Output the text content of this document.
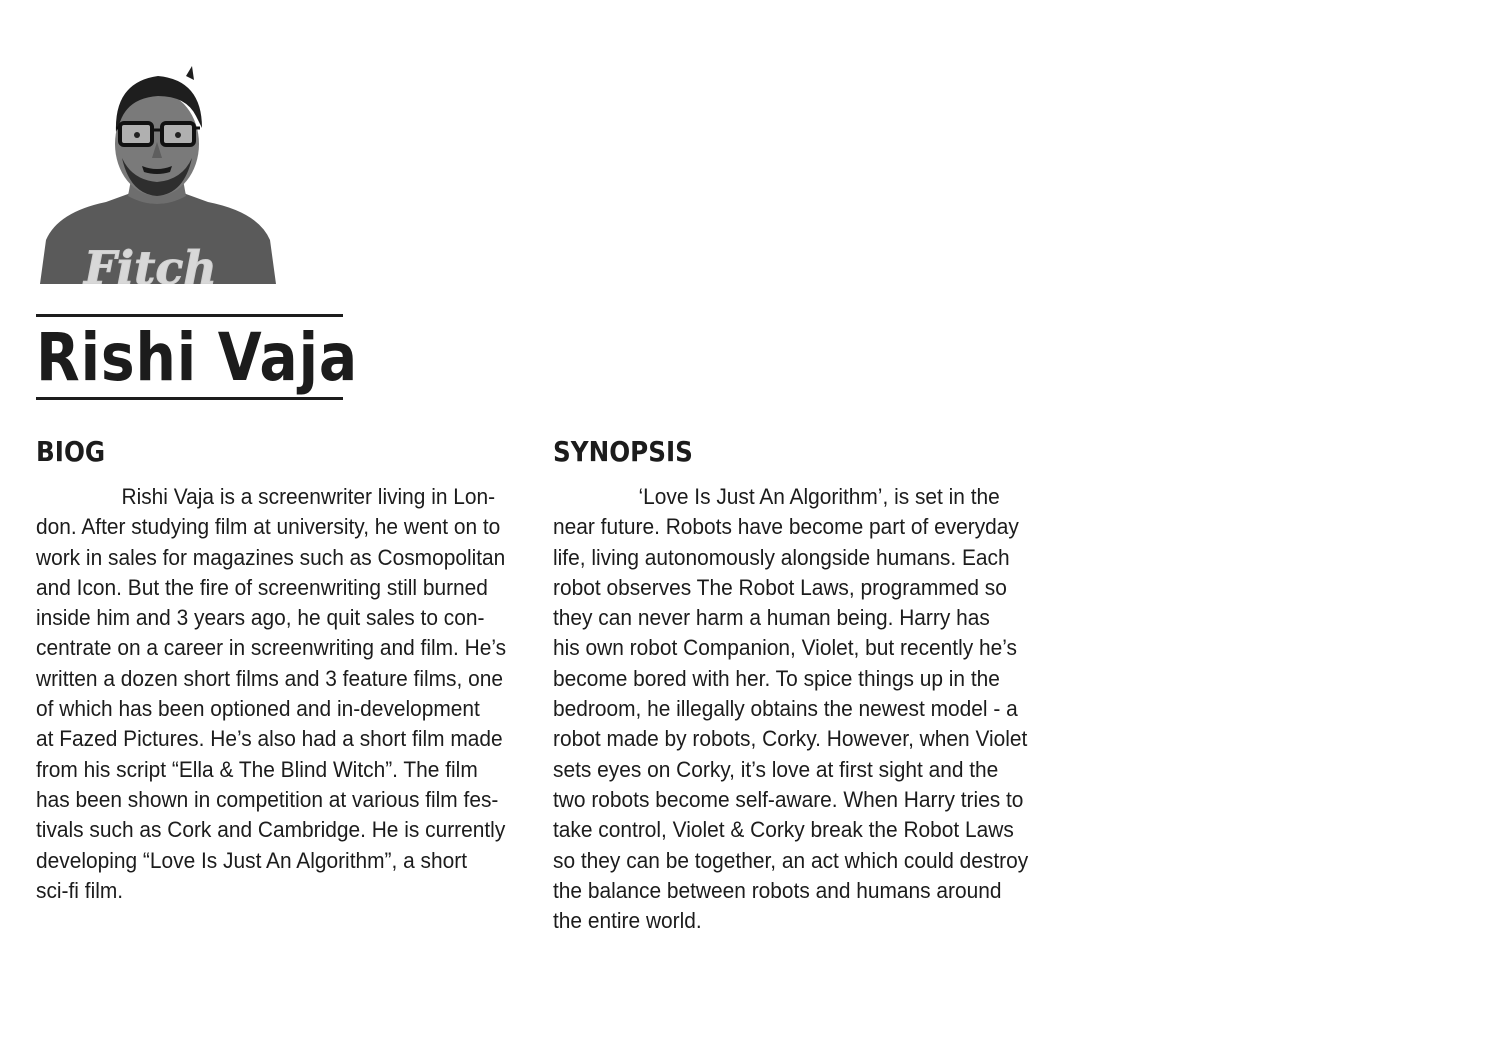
Fitch
Rishi Vaja
BIOG	SYNOPSIS
Rishi Vaja is a screenwriter living in Lon-
don. After studying film at university, he went on to
work in sales for magazines such as Cosmopolitan
and Icon. But the fire of screenwriting still burned
inside him and 3 years ago, he quit sales to con-
centrate on a career in screenwriting and film. He’s
written a dozen short films and 3 feature films, one
of which has been optioned and in-development
at Fazed Pictures. He’s also had a short film made
from his script “Ella & The Blind Witch”. The film
has been shown in competition at various film fes-
tivals such as Cork and Cambridge. He is currently
developing “Love Is Just An Algorithm”, a short
sci-fi film.
‘Love Is Just An Algorithm’, is set in the
near future. Robots have become part of everyday
life, living autonomously alongside humans. Each
robot observes The Robot Laws, programmed so
they can never harm a human being. Harry has
his own robot Companion, Violet, but recently he’s
become bored with her. To spice things up in the
bedroom, he illegally obtains the newest model - a
robot made by robots, Corky. However, when Violet
sets eyes on Corky, it’s love at first sight and the
two robots become self-aware. When Harry tries to
take control, Violet & Corky break the Robot Laws
so they can be together, an act which could destroy
the balance between robots and humans around
the entire world.
